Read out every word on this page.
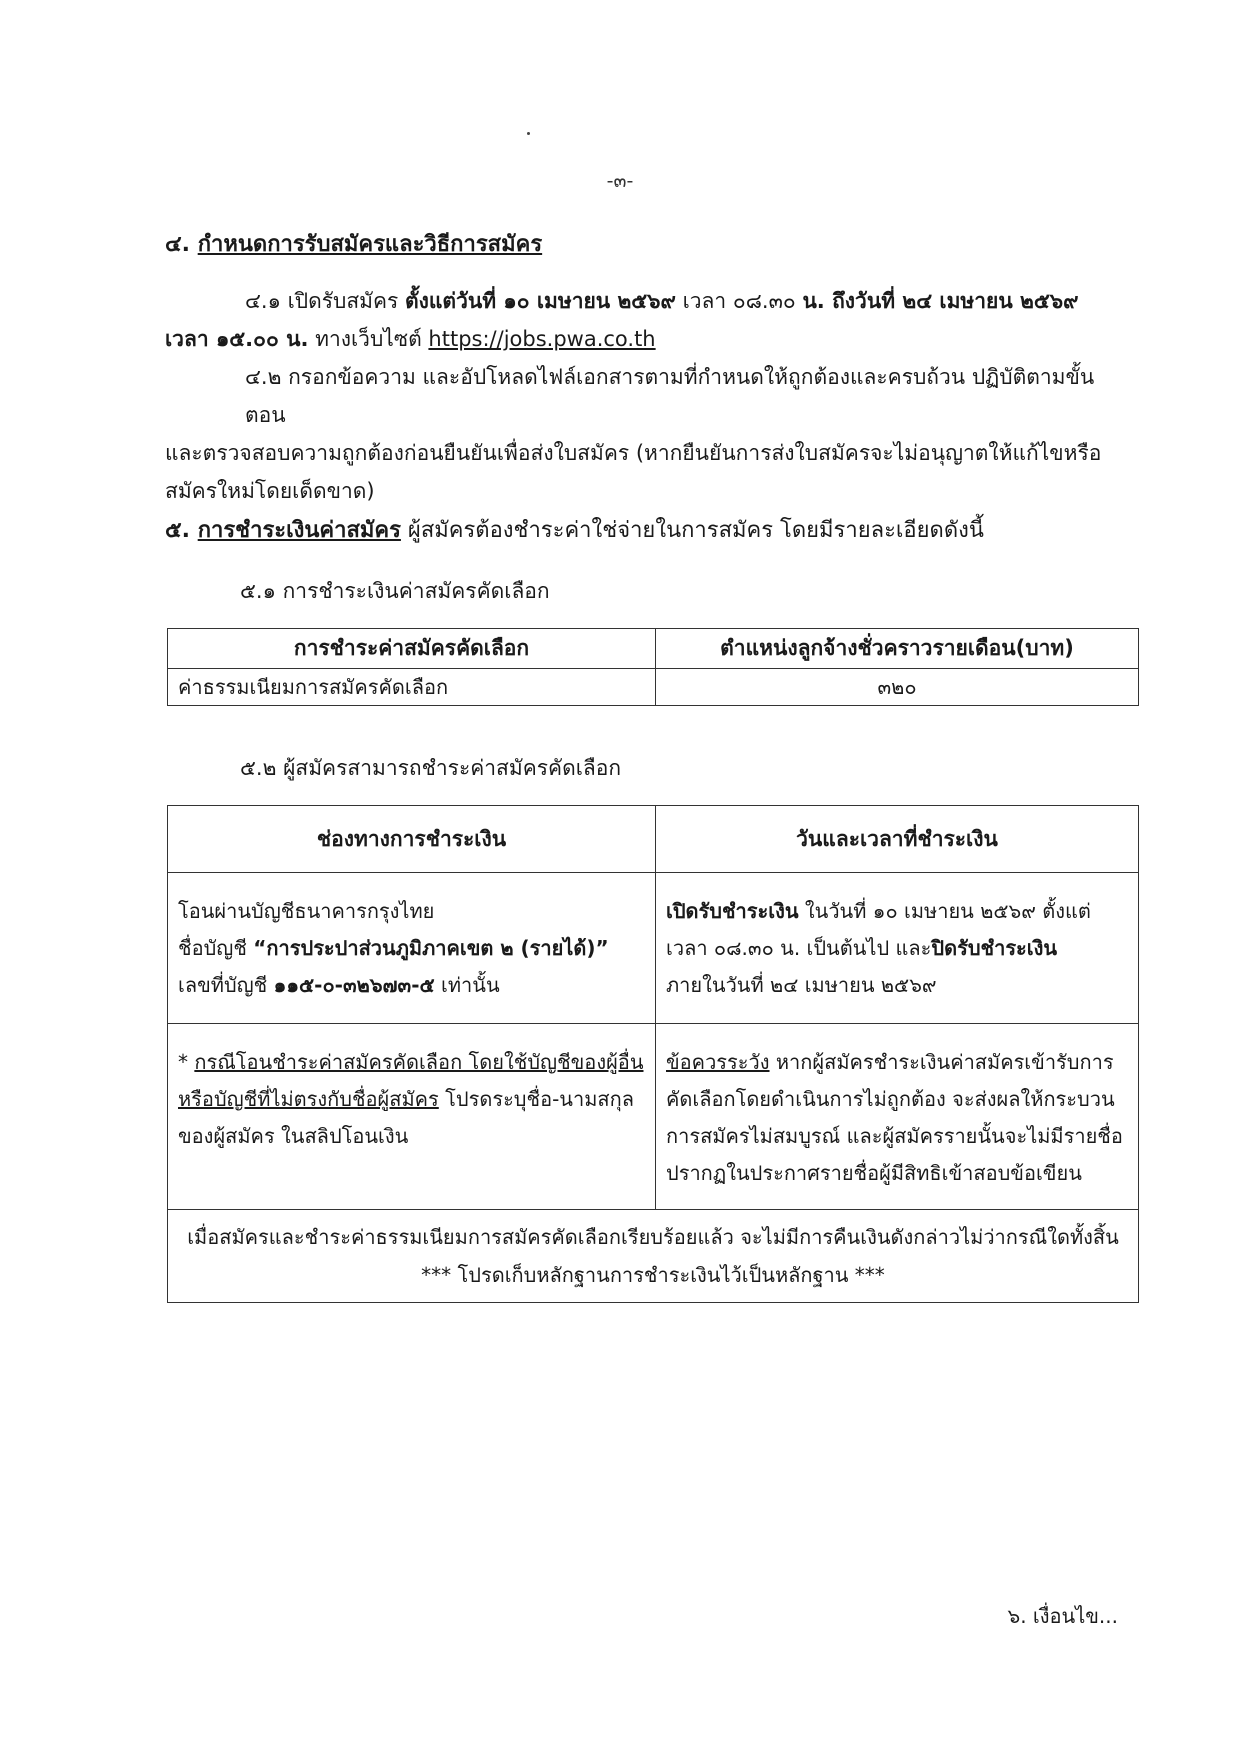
-๓-
๔. กำหนดการรับสมัครและวิธีการสมัคร
๔.๑ เปิดรับสมัคร ตั้งแต่วันที่ ๑๐ เมษายน ๒๕๖๙ เวลา ๐๘.๓๐ น. ถึงวันที่ ๒๔ เมษายน ๒๕๖๙
เวลา ๑๕.๐๐ น. ทางเว็บไซต์ https://jobs.pwa.co.th
๔.๒ กรอกข้อความ และอัปโหลดไฟล์เอกสารตามที่กำหนดให้ถูกต้องและครบถ้วน ปฏิบัติตามขั้นตอน
และตรวจสอบความถูกต้องก่อนยืนยันเพื่อส่งใบสมัคร (หากยืนยันการส่งใบสมัครจะไม่อนุญาตให้แก้ไขหรือ
สมัครใหม่โดยเด็ดขาด)
๕. การชำระเงินค่าสมัคร ผู้สมัครต้องชำระค่าใช่จ่ายในการสมัคร โดยมีรายละเอียดดังนี้
๕.๑ การชำระเงินค่าสมัครคัดเลือก
การชำระค่าสมัครคัดเลือก	ตำแหน่งลูกจ้างชั่วคราวรายเดือน(บาท)
ค่าธรรมเนียมการสมัครคัดเลือก	๓๒๐
๕.๒ ผู้สมัครสามารถชำระค่าสมัครคัดเลือก
ช่องทางการชำระเงิน	วันและเวลาที่ชำระเงิน

โอนผ่านบัญชีธนาคารกรุงไทย
ชื่อบัญชี “การประปาส่วนภูมิภาคเขต ๒ (รายได้)”
เลขที่บัญชี ๑๑๕-๐-๓๒๖๗๓-๕ เท่านั้น	เปิดรับชำระเงิน ในวันที่ ๑๐ เมษายน ๒๕๖๙ ตั้งแต่
เวลา ๐๘.๓๐ น. เป็นต้นไป และปิดรับชำระเงิน
ภายในวันที่ ๒๔ เมษายน ๒๕๖๙

* กรณีโอนชำระค่าสมัครคัดเลือก โดยใช้บัญชีของผู้อื่น
หรือบัญชีที่ไม่ตรงกับชื่อผู้สมัคร โปรดระบุชื่อ-นามสกุล
ของผู้สมัคร ในสลิปโอนเงิน	ข้อควรระวัง หากผู้สมัครชำระเงินค่าสมัครเข้ารับการ
คัดเลือกโดยดำเนินการไม่ถูกต้อง จะส่งผลให้กระบวน
การสมัครไม่สมบูรณ์ และผู้สมัครรายนั้นจะไม่มีรายชื่อ
ปรากฏในประกาศรายชื่อผู้มีสิทธิเข้าสอบข้อเขียน

เมื่อสมัครและชำระค่าธรรมเนียมการสมัครคัดเลือกเรียบร้อยแล้ว จะไม่มีการคืนเงินดังกล่าวไม่ว่ากรณีใดทั้งสิ้น
*** โปรดเก็บหลักฐานการชำระเงินไว้เป็นหลักฐาน ***	
๖. เงื่อนไข...
